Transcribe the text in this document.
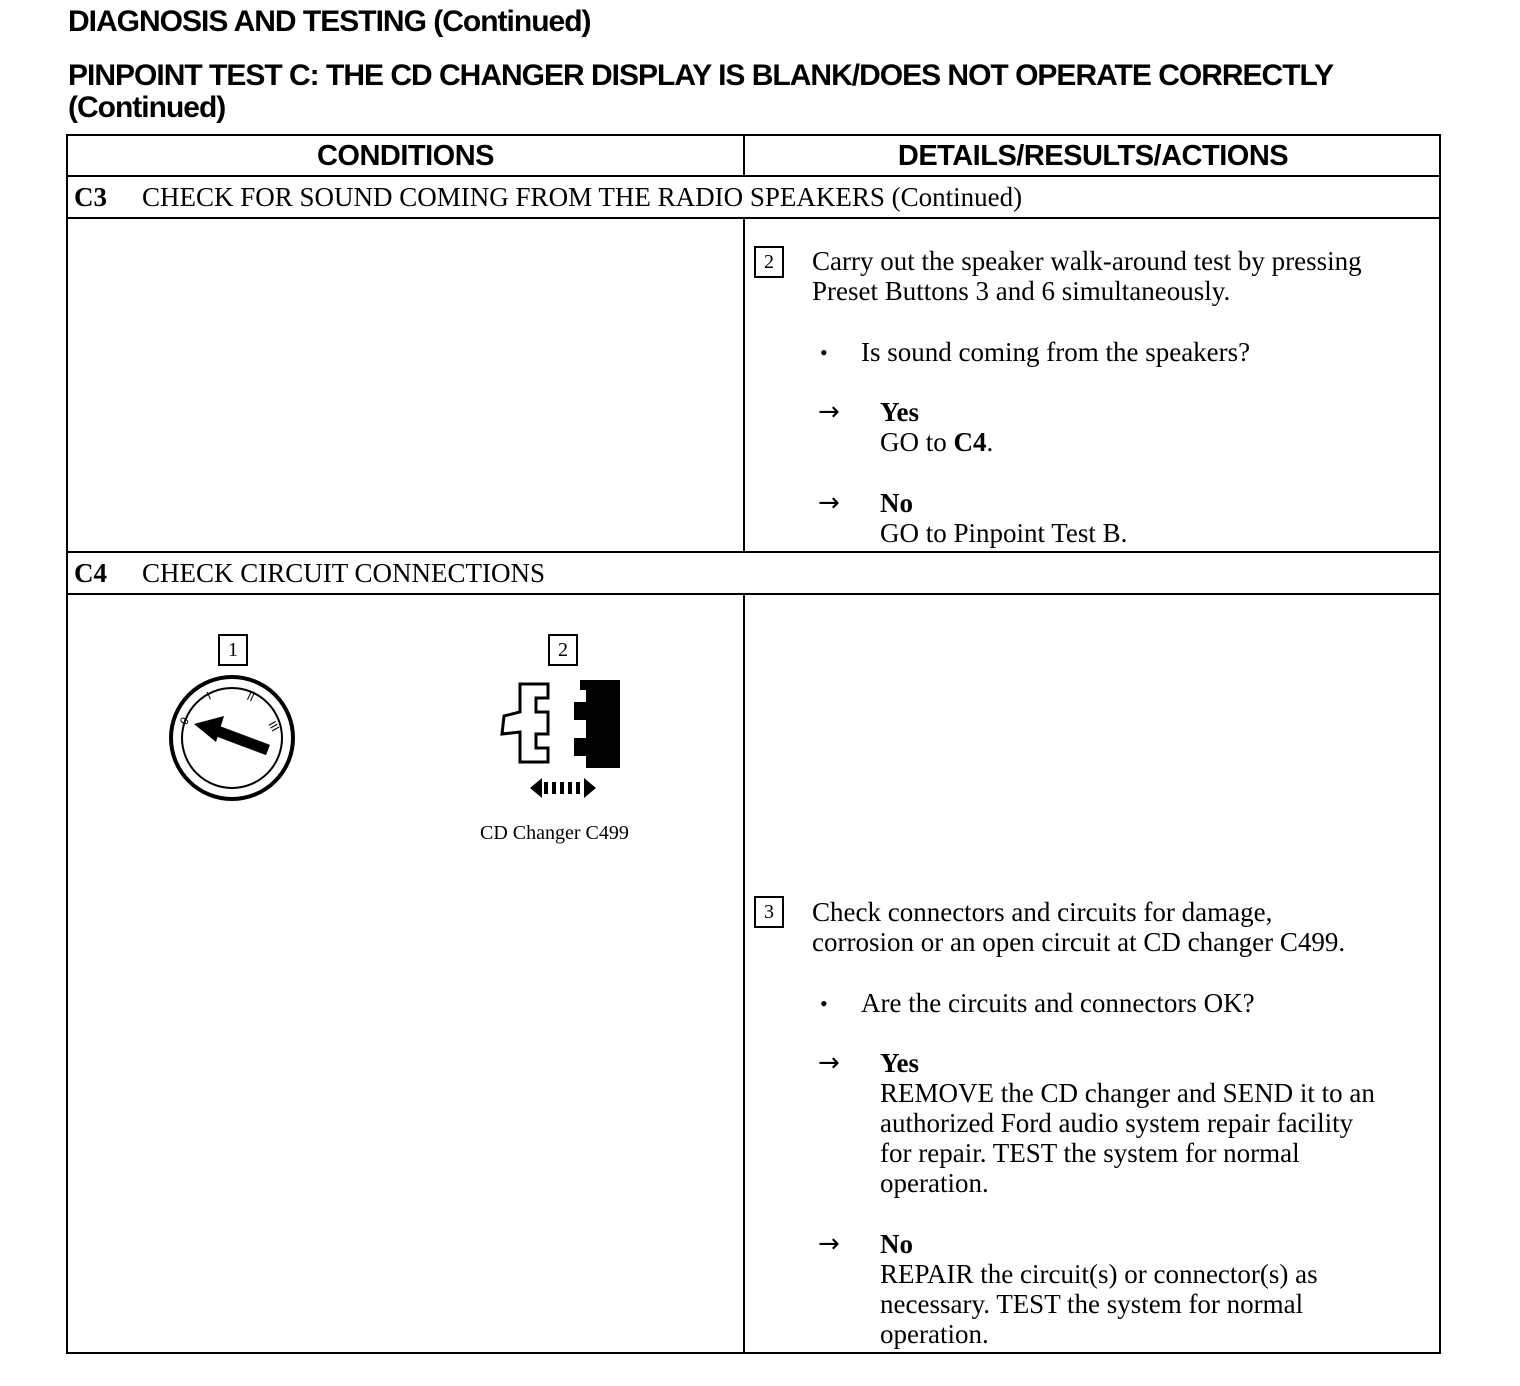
DIAGNOSIS AND TESTING (Continued)
PINPOINT TEST C: THE CD CHANGER DISPLAY IS BLANK/DOES NOT OPERATE CORRECTLY
(Continued)
CONDITIONS	DETAILS/RESULTS/ACTIONS
C3 CHECK FOR SOUND COMING FROM THE RADIO SPEAKERS (Continued)
2	Carry out the speaker walk-around test by pressing
Preset Buttons 3 and 6 simultaneously.
• Is sound coming from the speakers?
→ Yes
GO to C4.
→ No
GO to Pinpoint Test B.
C4 CHECK CIRCUIT CONNECTIONS
1
0
I	II
III
2
CD Changer C499
3	Check connectors and circuits for damage,
corrosion or an open circuit at CD changer C499.
• Are the circuits and connectors OK?
→ Yes
REMOVE the CD changer and SEND it to an
authorized Ford audio system repair facility
for repair. TEST the system for normal
operation.
→ No
REPAIR the circuit(s) or connector(s) as
necessary. TEST the system for normal
operation.
